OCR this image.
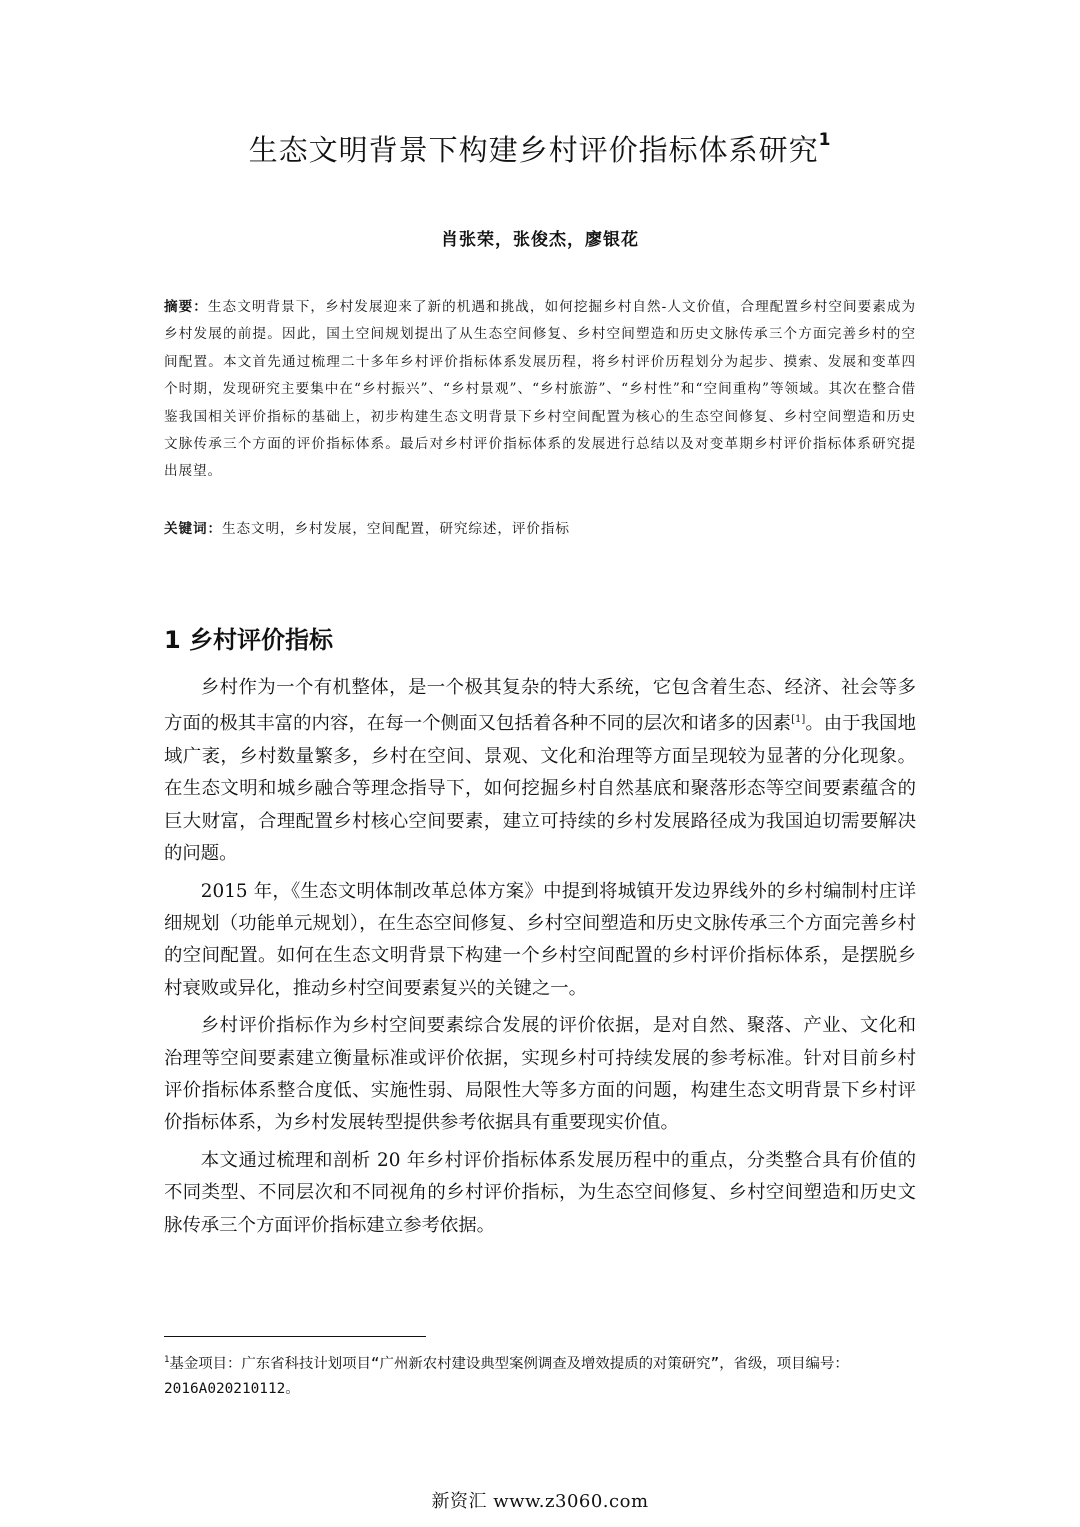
生态文明背景下构建乡村评价指标体系研究$^1$
肖张荣，张俊杰，廖银花
摘要：生态文明背景下，乡村发展迎来了新的机遇和挑战，如何挖掘乡村自然-人文价值，合理配置乡村空间要素成为乡村发展的前提。因此，国土空间规划提出了从生态空间修复、乡村空间塑造和历史文脉传承三个方面完善乡村的空间配置。本文首先通过梳理二十多年乡村评价指标体系发展历程，将乡村评价历程划分为起步、摸索、发展和变革四个时期，发现研究主要集中在“乡村振兴”、“乡村景观”、“乡村旅游”、“乡村性”和“空间重构”等领域。其次在整合借鉴我国相关评价指标的基础上，初步构建生态文明背景下乡村空间配置为核心的生态空间修复、乡村空间塑造和历史文脉传承三个方面的评价指标体系。最后对乡村评价指标体系的发展进行总结以及对变革期乡村评价指标体系研究提出展望。
关键词：生态文明，乡村发展，空间配置，研究综述，评价指标
1 乡村评价指标

乡村作为一个有机整体，是一个极其复杂的特大系统，它包含着生态、经济、社会等多方面的极其丰富的内容，在每一个侧面又包括着各种不同的层次和诸多的因素[1]。由于我国地域广袤，乡村数量繁多，乡村在空间、景观、文化和治理等方面呈现较为显著的分化现象。在生态文明和城乡融合等理念指导下，如何挖掘乡村自然基底和聚落形态等空间要素蕴含的巨大财富，合理配置乡村核心空间要素，建立可持续的乡村发展路径成为我国迫切需要解决的问题。

2015 年，《生态文明体制改革总体方案》中提到将城镇开发边界线外的乡村编制村庄详细规划（功能单元规划），在生态空间修复、乡村空间塑造和历史文脉传承三个方面完善乡村的空间配置。如何在生态文明背景下构建一个乡村空间配置的乡村评价指标体系，是摆脱乡村衰败或异化，推动乡村空间要素复兴的关键之一。

乡村评价指标作为乡村空间要素综合发展的评价依据，是对自然、聚落、产业、文化和治理等空间要素建立衡量标准或评价依据，实现乡村可持续发展的参考标准。针对目前乡村评价指标体系整合度低、实施性弱、局限性大等多方面的问题，构建生态文明背景下乡村评价指标体系，为乡村发展转型提供参考依据具有重要现实价值。

本文通过梳理和剖析 20 年乡村评价指标体系发展历程中的重点，分类整合具有价值的不同类型、不同层次和不同视角的乡村评价指标，为生态空间修复、乡村空间塑造和历史文脉传承三个方面评价指标建立参考依据。

$^1$基金项目：广东省科技计划项目“广州新农村建设典型案例调查及增效提质的对策研究”，省级，项目编号：2016A020210112。
新资汇 www.z3060.com
